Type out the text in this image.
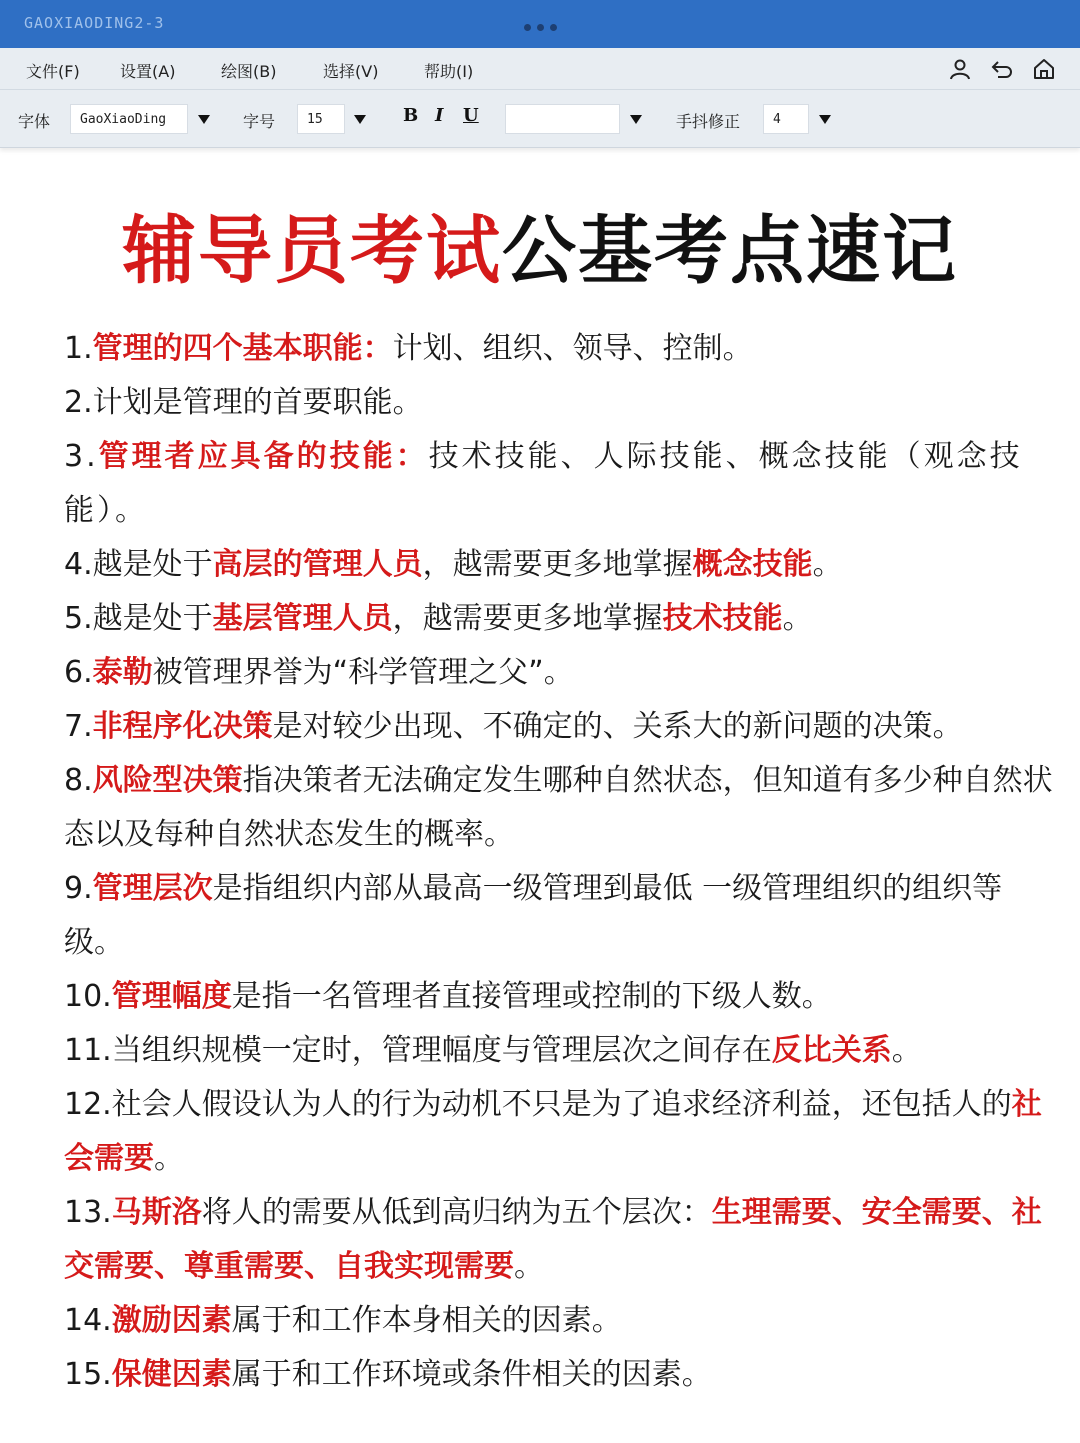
GAOXIAODING2-3
文件(F)	设置(A)	绘图(B)	选择(V)	帮助(I)
字体	GaoXiaoDing	字号	15	B I U	手抖修正	4
辅导员考试公基考点速记

1.管理的四个基本职能：计划、组织、领导、控制。

2.计划是管理的首要职能。

3.管理者应具备的技能：技术技能、人际技能、概念技能（观念技能）。

4.越是处于高层的管理人员，越需要更多地掌握概念技能。

5.越是处于基层管理人员，越需要更多地掌握技术技能。

6.泰勒被管理界誉为“科学管理之父”。

7.非程序化决策是对较少出现、不确定的、关系大的新问题的决策。

8.风险型决策指决策者无法确定发生哪种自然状态，但知道有多少种自然状态以及每种自然状态发生的概率。

9.管理层次是指组织内部从最高一级管理到最低 一级管理组织的组织等级。

10.管理幅度是指一名管理者直接管理或控制的下级人数。

11.当组织规模一定时，管理幅度与管理层次之间存在反比关系。

12.社会人假设认为人的行为动机不只是为了追求经济利益，还包括人的社会需要。

13.马斯洛将人的需要从低到高归纳为五个层次：生理需要、安全需要、社交需要、尊重需要、自我实现需要。

14.激励因素属于和工作本身相关的因素。

15.保健因素属于和工作环境或条件相关的因素。
